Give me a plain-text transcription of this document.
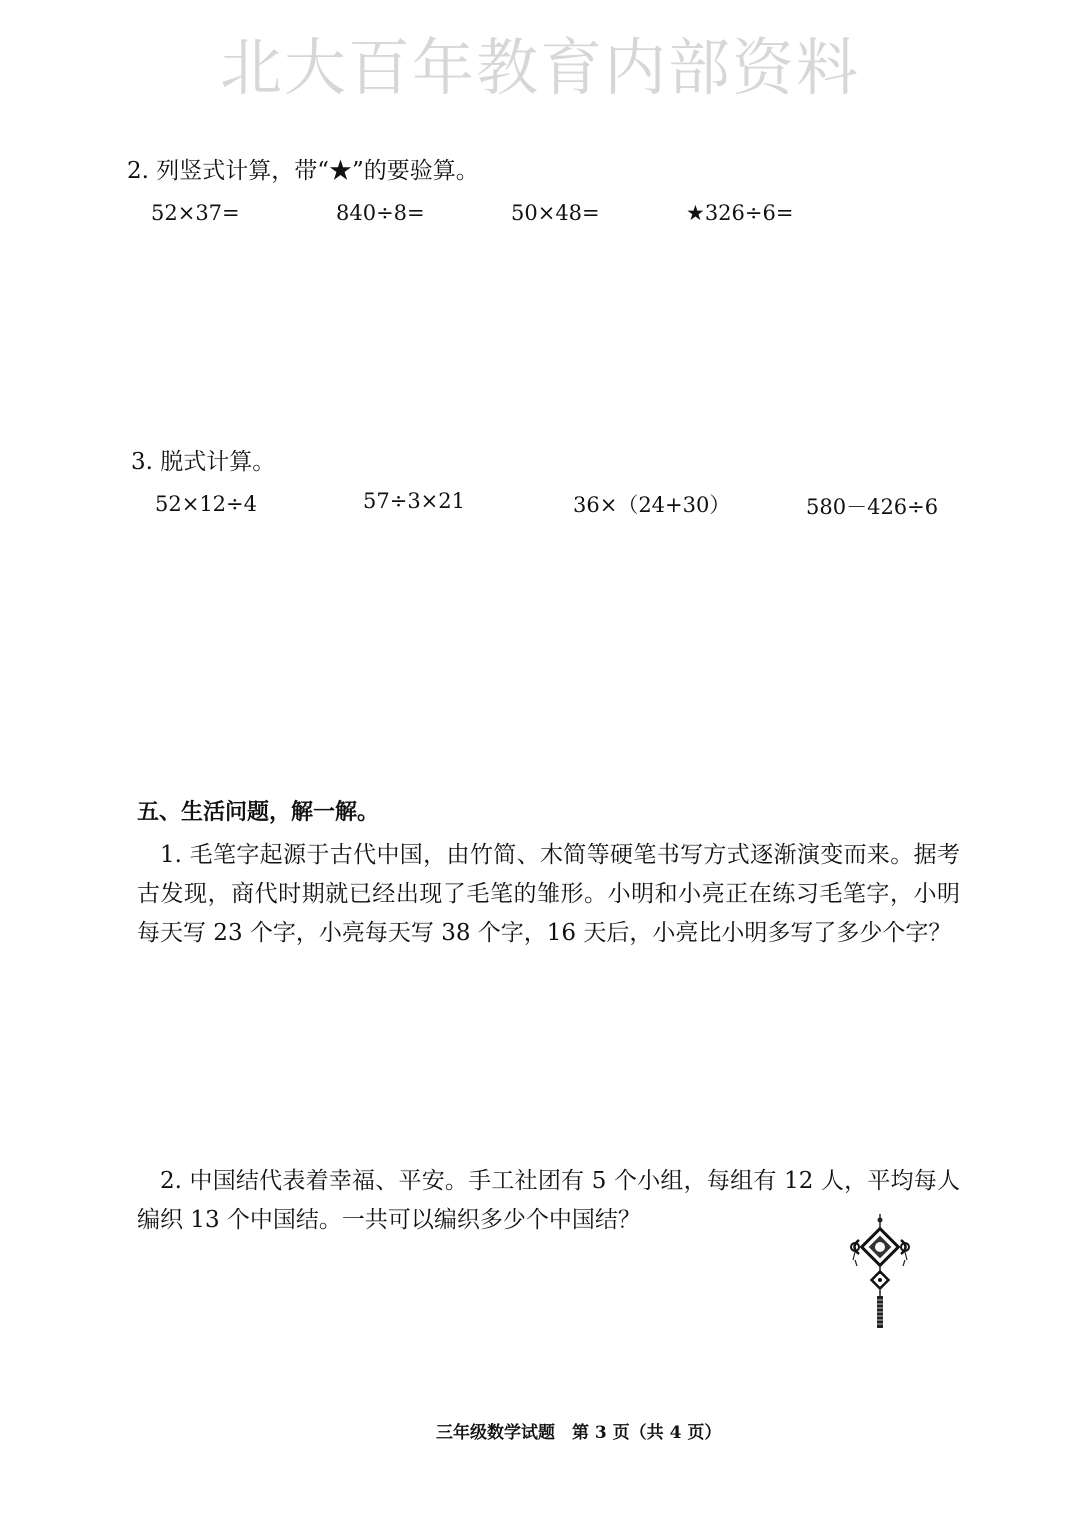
北大百年教育内部资料
2. 列竖式计算，带“★”的要验算。
52×37=	840÷8=	50×48=	★326÷6=
3. 脱式计算。
52×12÷4	57÷3×21	36×（24+30）	580－426÷6
五、生活问题，解一解。
1. 毛笔字起源于古代中国，由竹简、木简等硬笔书写方式逐渐演变而来。据考古发现，商代时期就已经出现了毛笔的雏形。小明和小亮正在练习毛笔字，小明每天写 23 个字，小亮每天写 38 个字，16 天后，小亮比小明多写了多少个字？
2. 中国结代表着幸福、平安。手工社团有 5 个小组，每组有 12 人，平均每人编织 13 个中国结。一共可以编织多少个中国结？
三年级数学试题　第 3 页（共 4 页）
